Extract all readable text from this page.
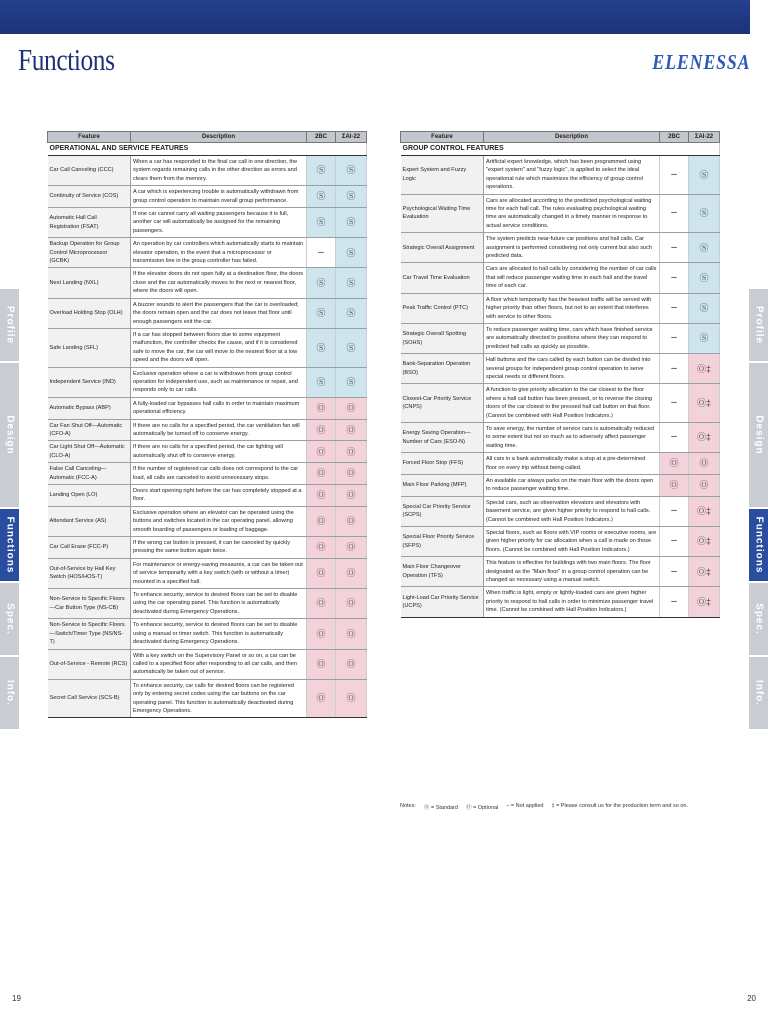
Functions	ELENESSA
Profile
Design
Functions
Spec.
Info.
Profile
Design
Functions
Spec.
Info.
Feature	Description	2BC	ΣAI-22
OPERATIONAL AND SERVICE FEATURES			
Car Call Canceling (CCC)	When a car has responded to the final car call in one direction, the system regards remaining calls in the other direction as errors and clears them from the memory.	Ⓢ	Ⓢ
Continuity of Service (COS)	A car which is experiencing trouble is automatically withdrawn from group control operation to maintain overall group performance.	Ⓢ	Ⓢ
Automatic Hall Call Registration (FSAT)	If one car cannot carry all waiting passengers because it is full, another car will automatically be assigned for the remaining passengers.	Ⓢ	Ⓢ
Backup Operation for Group Control Microprocessor (GCBK)	An operation by car controllers which automatically starts to maintain elevator operation, in the event that a microprocessor or transmission line in the group controller has failed.	–	Ⓢ
Next Landing (NXL)	If the elevator doors do not open fully at a destination floor, the doors close and the car automatically moves to the next or nearest floor, where the doors will open.	Ⓢ	Ⓢ
Overload Holding Stop (OLH)	A buzzer sounds to alert the passengers that the car is overloaded; the doors remain open and the car does not leave that floor until enough passengers exit the car.	Ⓢ	Ⓢ
Safe Landing (SFL)	If a car has stopped between floors due to some equipment malfunction, the controller checks the cause, and if it is considered safe to move the car, the car will move to the nearest floor at a low speed and the doors will open.	Ⓢ	Ⓢ
Independent Service (IND)	Exclusive operation where a car is withdrawn from group control operation for independent use, such as maintenance or repair, and responds only to car calls.	Ⓢ	Ⓢ
Automatic Bypass (ABP)	A fully-loaded car bypasses hall calls in order to maintain maximum operational efficiency.	Ⓞ	Ⓞ
Car Fan Shut Off—Automatic (CFO-A)	If there are no calls for a specified period, the car ventilation fan will automatically be turned off to conserve energy.	Ⓞ	Ⓞ
Car Light Shut Off—Automatic (CLO-A)	If there are no calls for a specified period, the car lighting will automatically shut off to conserve energy.	Ⓞ	Ⓞ
False Call Canceling—Automatic (FCC-A)	If the number of registered car calls does not correspond to the car load, all calls are canceled to avoid unnecessary stops.	Ⓞ	Ⓞ
Landing Open (LO)	Doors start opening right before the car has completely stopped at a floor.	Ⓞ	Ⓞ
Attendant Service (AS)	Exclusive operation where an elevator can be operated using the buttons and switches located in the car operating panel, allowing smooth boarding of passengers or loading of baggage.	Ⓞ	Ⓞ
Car Call Erase (FCC-P)	If the wrong car button is pressed, it can be canceled by quickly pressing the same button again twice.	Ⓞ	Ⓞ
Out-of-Service by Hall Key Switch (HOS/HOS-T)	For maintenance or energy-saving measures, a car can be taken out of service temporarily with a key switch (with or without a timer) mounted in a specified hall.	Ⓞ	Ⓞ
Non-Service to Specific Floors—Car Button Type (NS-CB)	To enhance security, service to desired floors can be set to disable using the car operating panel. This function is automatically deactivated during Emergency Operations.	Ⓞ	Ⓞ
Non-Service to Specific Floors—Switch/Timer Type (NS/NS-T)	To enhance security, service to desired floors can be set to disable using a manual or timer switch. This function is automatically deactivated during Emergency Operations.	Ⓞ	Ⓞ
Out-of-Service - Remote (RCS)	With a key switch on the Supervisory Panel or so on, a car can be called to a specified floor after responding to all car calls, and then automatically be taken out of service.	Ⓞ	Ⓞ
Secret Call Service (SCS-B)	To enhance security, car calls for desired floors can be registered only by entering secret codes using the car buttons on the car operating panel. This function is automatically deactivated during Emergency Operations.	Ⓞ	Ⓞ
Feature	Description	2BC	ΣAI-22
GROUP CONTROL FEATURES			
Expert System and Fuzzy Logic	Artificial expert knowledge, which has been programmed using "expert system" and "fuzzy logic", is applied to select the ideal operational rule which maximizes the efficiency of group control operations.	–	Ⓢ
Psychological Waiting Time Evaluation	Cars are allocated according to the predicted psychological waiting time for each hall call. The rules evaluating psychological waiting time are automatically changed in a timely manner in response to actual service conditions.	–	Ⓢ
Strategic Overall Assignment	The system predicts near-future car positions and hall calls. Car assignment is performed considering not only current but also such predicted data.	–	Ⓢ
Car Travel Time Evaluation	Cars are allocated to hall calls by considering the number of car calls that will reduce passenger waiting time in each hall and the travel time of each car.	–	Ⓢ
Peak Traffic Control (PTC)	A floor which temporarily has the heaviest traffic will be served with higher priority than other floors, but not to an extent that interferes with service to other floors.	–	Ⓢ
Strategic Overall Spotting (SOHS)	To reduce passenger waiting time, cars which have finished service are automatically directed to positions where they can respond to predicted hall calls as quickly as possible.	–	Ⓢ
Bank-Separation Operation (BSO)	Hall buttons and the cars called by each button can be divided into several groups for independent group control operation to serve special needs or different floors.	–	Ⓞ‡
Closest-Car Priority Service (CNPS)	A function to give priority allocation to the car closest to the floor where a hall call button has been pressed, or to reverse the closing doors of the car closest to the pressed hall call button on that floor. (Cannot be combined with Hall Position Indicators.)	–	Ⓞ‡
Energy Saving Operation—Number of Cars (ESO-N)	To save energy, the number of service cars is automatically reduced to some extent but not so much as to adversely affect passenger waiting time.	–	Ⓞ‡
Forced Floor Stop (FFS)	All cars in a bank automatically make a stop at a pre-determined floor on every trip without being called.	Ⓞ	Ⓞ
Main Floor Parking (MFP)	An available car always parks on the main floor with the doors open to reduce passenger waiting time.	Ⓞ	Ⓞ
Special Car Priority Service (SCPS)	Special cars, such as observation elevators and elevators with basement service, are given higher priority to respond to hall calls. (Cannot be combined with Hall Position Indicators.)	–	Ⓞ‡
Special Floor Priority Service (SFPS)	Special floors, such as floors with VIP rooms or executive rooms, are given higher priority for car allocation when a call is made on those floors. (Cannot be combined with Hall Position Indicators.)	–	Ⓞ‡
Main Floor Changeover Operation (TFS)	This feature is effective for buildings with two main floors. The floor designated as the "Main floor" in a group control operation can be changed as necessary using a manual switch.	–	Ⓞ‡
Light-Load Car Priority Service (UCPS)	When traffic is light, empty or lightly-loaded cars are given higher priority to respond to hall calls in order to minimize passenger travel time. (Cannot be combined with Hall Position Indicators.)	–	Ⓞ‡
Notes: Ⓢ = Standard Ⓞ = Optional – = Not applied ‡ = Please consult us for the production term and so on.
19	20
